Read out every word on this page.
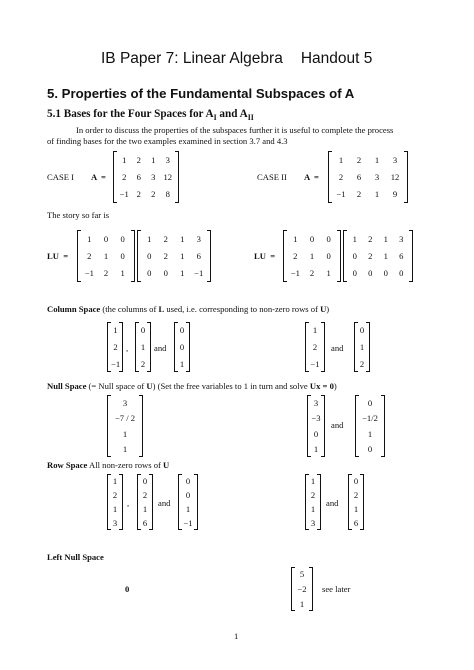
IB Paper 7: Linear Algebra Handout 5
5. Properties of the Fundamental Subspaces of A
5.1 Bases for the Four Spaces for $A_I$ and $A_{II}$
In order to discuss the properties of the subspaces further it is useful to complete the process
of finding bases for the two examples examined in section 3.7 and 4.3
CASE I A =
1 2 1 3
2 6 3 12
−1 2 2 8
CASE II A =
1 2 1 3
2 6 3 12
−1 2 1 9
The story so far is
LU =
1 0 0
2 1 0
−1 2 1
1 2 1 3
0 2 1 6
0 0 1 −1
LU =
1 0 0
2 1 0
−1 2 1
1 2 1 3
0 2 1 6
0 0 0 0
Column Space (the columns of L used, i.e. corresponding to non-zero rows of U)
1
2
−1
,
0
1
2
and
0
0
1
1
2
−1
and
0
1
2
Null Space (= Null space of U) (Set the free variables to 1 in turn and solve Ux = 0)
3
−7 / 2
1
1
3
−3
0
1
and
0
−1/2
1
0
Row Space All non-zero rows of U
1
2
1
3
,
0
2
1
6
and
0
0
1
−1
1
2
1
3
and
0
2
1
6
Left Null Space
0
5
−2
1
see later
1
